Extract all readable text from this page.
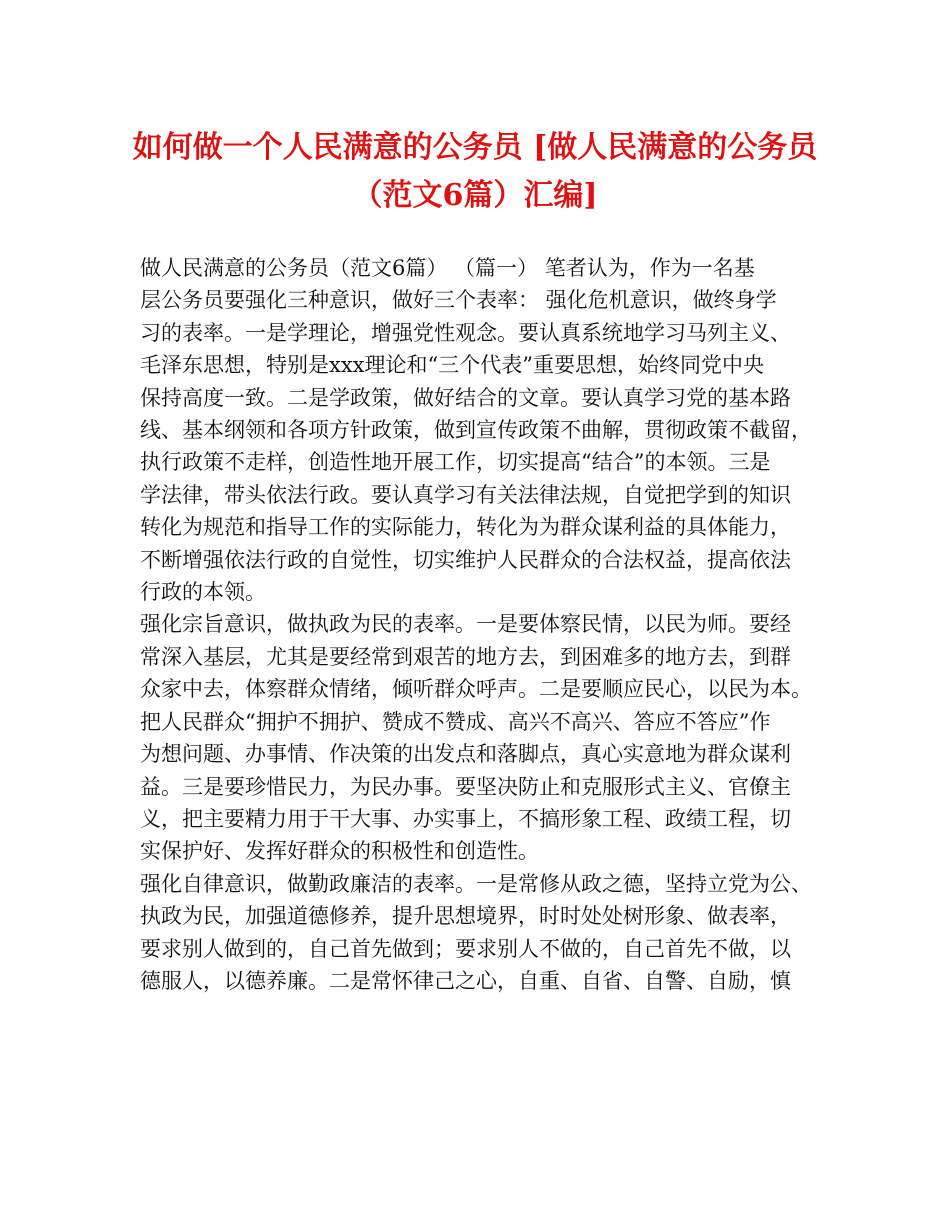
如何做一个人民满意的公务员 [做人民满意的公务员
（范文6篇）汇编]
做人民满意的公务员（范文6篇） （篇一） 笔者认为，作为一名基
层公务员要强化三种意识，做好三个表率： 强化危机意识，做终身学
习的表率。一是学理论，增强党性观念。要认真系统地学习马列主义、
毛泽东思想，特别是xxx理论和“三个代表”重要思想，始终同党中央
保持高度一致。二是学政策，做好结合的文章。要认真学习党的基本路
线、基本纲领和各项方针政策，做到宣传政策不曲解，贯彻政策不截留，
执行政策不走样，创造性地开展工作，切实提高“结合”的本领。三是
学法律，带头依法行政。要认真学习有关法律法规，自觉把学到的知识
转化为规范和指导工作的实际能力，转化为为群众谋利益的具体能力，
不断增强依法行政的自觉性，切实维护人民群众的合法权益，提高依法
行政的本领。
强化宗旨意识，做执政为民的表率。一是要体察民情，以民为师。要经
常深入基层，尤其是要经常到艰苦的地方去，到困难多的地方去，到群
众家中去，体察群众情绪，倾听群众呼声。二是要顺应民心，以民为本。
把人民群众“拥护不拥护、赞成不赞成、高兴不高兴、答应不答应”作
为想问题、办事情、作决策的出发点和落脚点，真心实意地为群众谋利
益。三是要珍惜民力，为民办事。要坚决防止和克服形式主义、官僚主
义，把主要精力用于干大事、办实事上，不搞形象工程、政绩工程，切
实保护好、发挥好群众的积极性和创造性。
强化自律意识，做勤政廉洁的表率。一是常修从政之德，坚持立党为公、
执政为民，加强道德修养，提升思想境界，时时处处树形象、做表率，
要求别人做到的，自己首先做到；要求别人不做的，自己首先不做，以
德服人，以德养廉。二是常怀律己之心，自重、自省、自警、自励，慎
